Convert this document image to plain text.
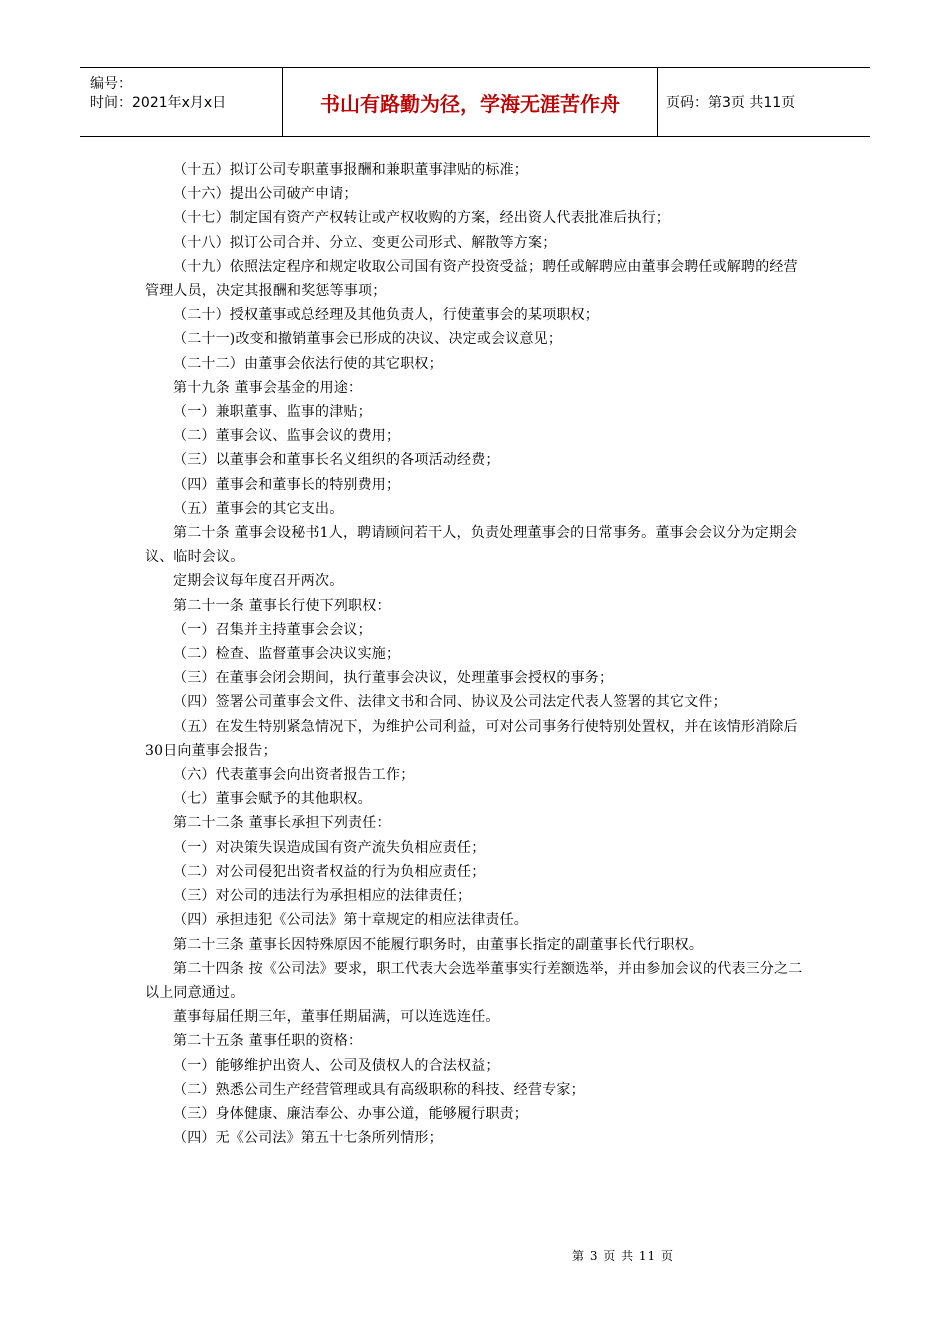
编号：
时间：2021年x月x日	书山有路勤为径，学海无涯苦作舟	页码：第3页 共11页

（十五）拟订公司专职董事报酬和兼职董事津贴的标准；

（十六）提出公司破产申请；

（十七）制定国有资产产权转让或产权收购的方案，经出资人代表批准后执行；

（十八）拟订公司合并、分立、变更公司形式、解散等方案；

（十九）依照法定程序和规定收取公司国有资产投资受益；聘任或解聘应由董事会聘任或解聘的经营管理人员，决定其报酬和奖惩等事项；

（二十）授权董事或总经理及其他负责人，行使董事会的某项职权；

（二十一)改变和撤销董事会已形成的决议、决定或会议意见；

（二十二）由董事会依法行使的其它职权；

第十九条 董事会基金的用途：

（一）兼职董事、监事的津贴；

（二）董事会议、监事会议的费用；

（三）以董事会和董事长名义组织的各项活动经费；

（四）董事会和董事长的特别费用；

（五）董事会的其它支出。

第二十条 董事会设秘书1人，聘请顾问若干人，负责处理董事会的日常事务。董事会会议分为定期会议、临时会议。

定期会议每年度召开两次。

第二十一条 董事长行使下列职权：

（一）召集并主持董事会会议；

（二）检查、监督董事会决议实施；

（三）在董事会闭会期间，执行董事会决议，处理董事会授权的事务；

（四）签署公司董事会文件、法律文书和合同、协议及公司法定代表人签署的其它文件；

（五）在发生特别紧急情况下，为维护公司利益，可对公司事务行使特别处置权，并在该情形消除后30日向董事会报告；

（六）代表董事会向出资者报告工作；

（七）董事会赋予的其他职权。

第二十二条 董事长承担下列责任：

（一）对决策失误造成国有资产流失负相应责任；

（二）对公司侵犯出资者权益的行为负相应责任；

（三）对公司的违法行为承担相应的法律责任；

（四）承担违犯《公司法》第十章规定的相应法律责任。

第二十三条 董事长因特殊原因不能履行职务时，由董事长指定的副董事长代行职权。

第二十四条 按《公司法》要求，职工代表大会选举董事实行差额选举，并由参加会议的代表三分之二以上同意通过。

董事每届任期三年，董事任期届满，可以连选连任。

第二十五条 董事任职的资格：

（一）能够维护出资人、公司及债权人的合法权益；

（二）熟悉公司生产经营管理或具有高级职称的科技、经营专家；

（三）身体健康、廉洁奉公、办事公道，能够履行职责；

（四）无《公司法》第五十七条所列情形；

第 3 页 共 11 页
